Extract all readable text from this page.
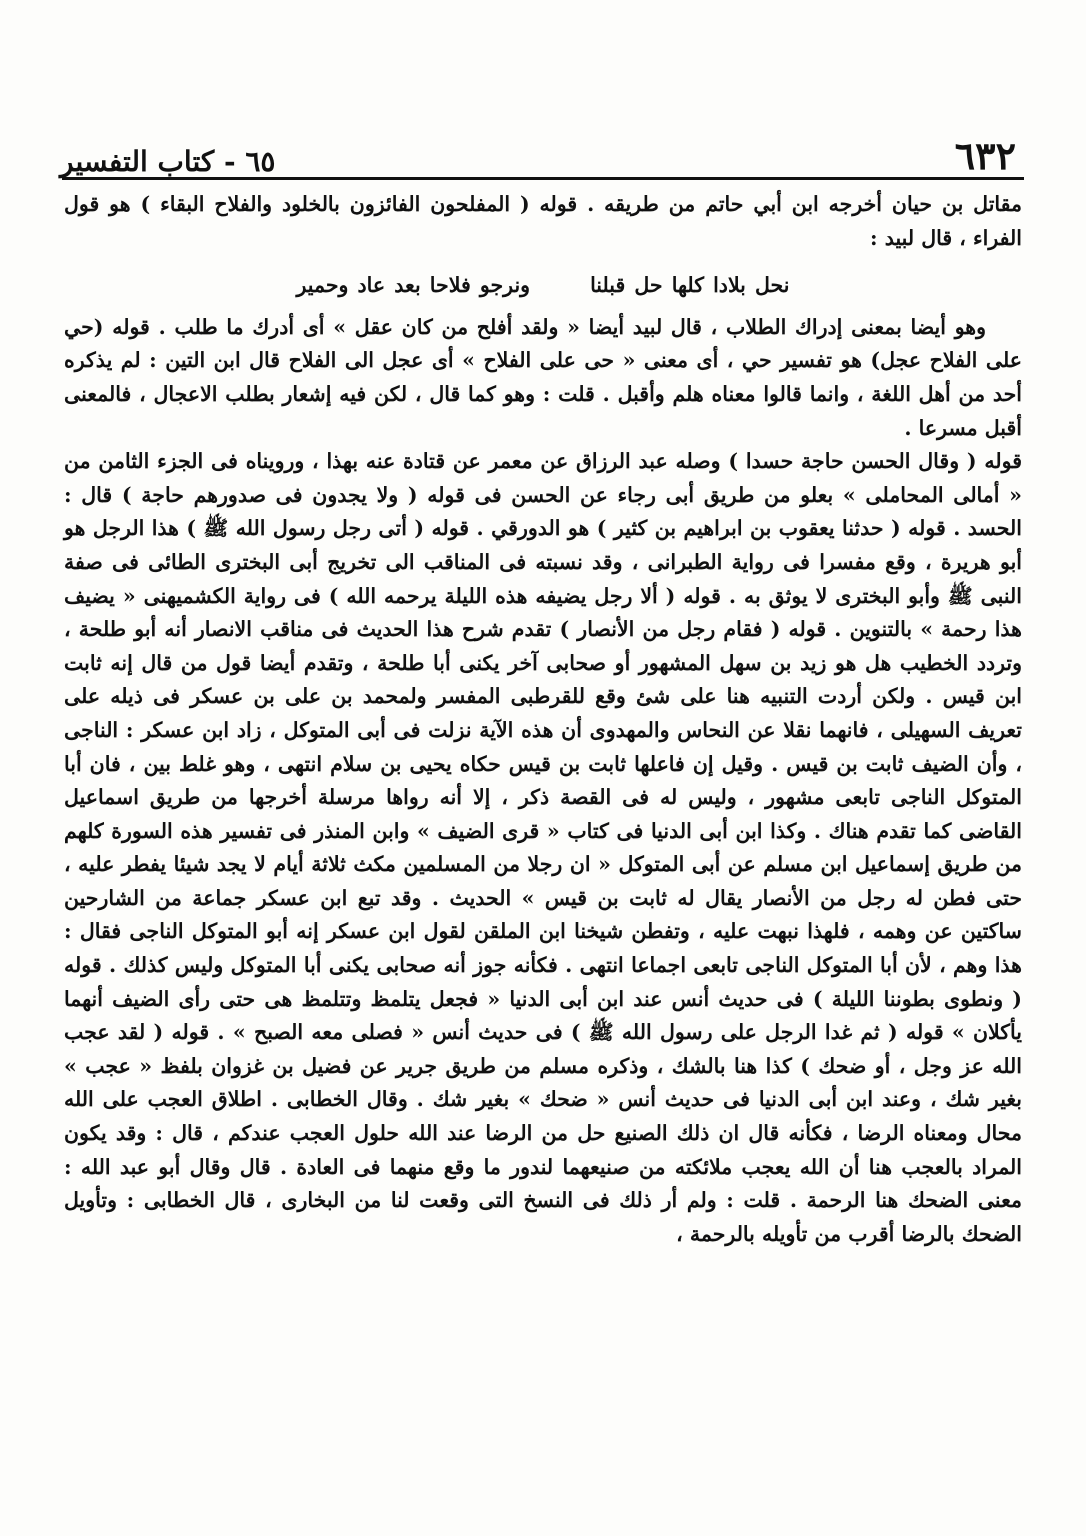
٦٥ - كتاب التفسير	٦٣٢

مقاتل بن حيان أخرجه ابن أبي حاتم من طريقه . قوله ( المفلحون الفائزون بالخلود والفلاح البقاء ) هو قول الفراء ، قال لبيد :

نحل بلادا كلها حل قبلناونرجو فلاحا بعد عاد وحمير

وهو أيضا بمعنى إدراك الطلاب ، قال لبيد أيضا « ولقد أفلح من كان عقل » أى أدرك ما طلب . قوله (حي على الفلاح عجل) هو تفسير حي ، أى معنى « حى على الفلاح » أى عجل الى الفلاح قال ابن التين : لم يذكره أحد من أهل اللغة ، وانما قالوا معناه هلم وأقبل . قلت : وهو كما قال ، لكن فيه إشعار بطلب الاعجال ، فالمعنى أقبل مسرعا .

قوله ( وقال الحسن حاجة حسدا ) وصله عبد الرزاق عن معمر عن قتادة عنه بهذا ، ورويناه فى الجزء الثامن من « أمالى المحاملى » بعلو من طريق أبى رجاء عن الحسن فى قوله ( ولا يجدون فى صدورهم حاجة ) قال : الحسد . قوله ( حدثنا يعقوب بن ابراهيم بن كثير ) هو الدورقي . قوله ( أتى رجل رسول الله ﷺ ) هذا الرجل هو أبو هريرة ، وقع مفسرا فى رواية الطبرانى ، وقد نسبته فى المناقب الى تخريج أبى البخترى الطائى فى صفة النبى ﷺ وأبو البخترى لا يوثق به . قوله ( ألا رجل يضيفه هذه الليلة يرحمه الله ) فى رواية الكشميهنى « يضيف هذا رحمة » بالتنوين . قوله ( فقام رجل من الأنصار ) تقدم شرح هذا الحديث فى مناقب الانصار أنه أبو طلحة ، وتردد الخطيب هل هو زيد بن سهل المشهور أو صحابى آخر يكنى أبا طلحة ، وتقدم أيضا قول من قال إنه ثابت ابن قيس . ولكن أردت التنبيه هنا على شئ وقع للقرطبى المفسر ولمحمد بن على بن عسكر فى ذيله على تعريف السهيلى ، فانهما نقلا عن النحاس والمهدوى أن هذه الآية نزلت فى أبى المتوكل ، زاد ابن عسكر : الناجى ، وأن الضيف ثابت بن قيس . وقيل إن فاعلها ثابت بن قيس حكاه يحيى بن سلام انتهى ، وهو غلط بين ، فان أبا المتوكل الناجى تابعى مشهور ، وليس له فى القصة ذكر ، إلا أنه رواها مرسلة أخرجها من طريق اسماعيل القاضى كما تقدم هناك . وكذا ابن أبى الدنيا فى كتاب « قرى الضيف » وابن المنذر فى تفسير هذه السورة كلهم من طريق إسماعيل ابن مسلم عن أبى المتوكل « ان رجلا من المسلمين مكث ثلاثة أيام لا يجد شيئا يفطر عليه ، حتى فطن له رجل من الأنصار يقال له ثابت بن قيس » الحديث . وقد تبع ابن عسكر جماعة من الشارحين ساكتين عن وهمه ، فلهذا نبهت عليه ، وتفطن شيخنا ابن الملقن لقول ابن عسكر إنه أبو المتوكل الناجى فقال : هذا وهم ، لأن أبا المتوكل الناجى تابعى اجماعا انتهى . فكأنه جوز أنه صحابى يكنى أبا المتوكل وليس كذلك . قوله ( ونطوى بطوننا الليلة ) فى حديث أنس عند ابن أبى الدنيا « فجعل يتلمظ وتتلمظ هى حتى رأى الضيف أنهما يأكلان » قوله ( ثم غدا الرجل على رسول الله ﷺ ) فى حديث أنس « فصلى معه الصبح » . قوله ( لقد عجب الله عز وجل ، أو ضحك ) كذا هنا بالشك ، وذكره مسلم من طريق جرير عن فضيل بن غزوان بلفظ « عجب » بغير شك ، وعند ابن أبى الدنيا فى حديث أنس « ضحك » بغير شك . وقال الخطابى . اطلاق العجب على الله محال ومعناه الرضا ، فكأنه قال ان ذلك الصنيع حل من الرضا عند الله حلول العجب عندكم ، قال : وقد يكون المراد بالعجب هنا أن الله يعجب ملائكته من صنيعهما لندور ما وقع منهما فى العادة . قال وقال أبو عبد الله : معنى الضحك هنا الرحمة . قلت : ولم أر ذلك فى النسخ التى وقعت لنا من البخارى ، قال الخطابى : وتأويل الضحك بالرضا أقرب من تأويله بالرحمة ،
